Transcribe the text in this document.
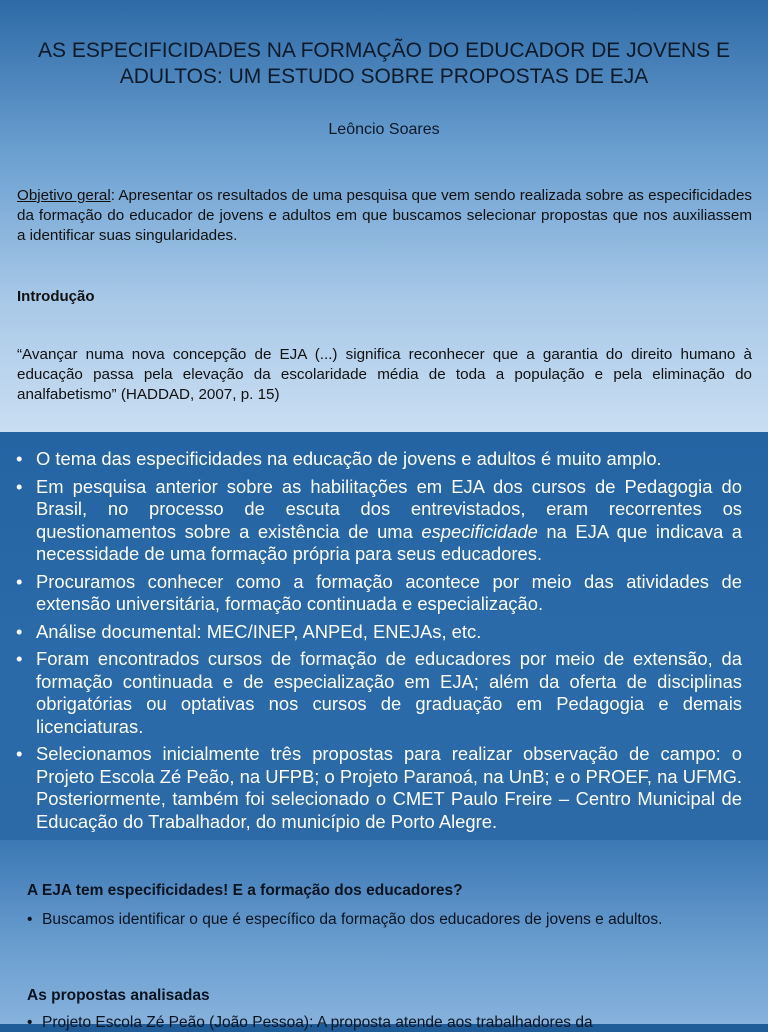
AS ESPECIFICIDADES NA FORMAÇÃO DO EDUCADOR DE JOVENS E ADULTOS: UM ESTUDO SOBRE PROPOSTAS DE EJA
Leôncio Soares
Objetivo geral: Apresentar os resultados de uma pesquisa que vem sendo realizada sobre as especificidades da formação do educador de jovens e adultos em que buscamos selecionar propostas que nos auxiliassem a identificar suas singularidades.
Introdução
“Avançar numa nova concepção de EJA (...) significa reconhecer que a garantia do direito humano à educação passa pela elevação da escolaridade média de toda a população e pela eliminação do analfabetismo” (HADDAD, 2007, p. 15)
• O tema das especificidades na educação de jovens e adultos é muito amplo.
• Em pesquisa anterior sobre as habilitações em EJA dos cursos de Pedagogia do Brasil, no processo de escuta dos entrevistados, eram recorrentes os questionamentos sobre a existência de uma especificidade na EJA que indicava a necessidade de uma formação própria para seus educadores.
• Procuramos conhecer como a formação acontece por meio das atividades de extensão universitária, formação continuada e especialização.
• Análise documental: MEC/INEP, ANPEd, ENEJAs, etc.
• Foram encontrados cursos de formação de educadores por meio de extensão, da formação continuada e de especialização em EJA; além da oferta de disciplinas obrigatórias ou optativas nos cursos de graduação em Pedagogia e demais licenciaturas.
• Selecionamos inicialmente três propostas para realizar observação de campo: o Projeto Escola Zé Peão, na UFPB; o Projeto Paranoá, na UnB; e o PROEF, na UFMG. Posteriormente, também foi selecionado o CMET Paulo Freire – Centro Municipal de Educação do Trabalhador, do município de Porto Alegre.
A EJA tem especificidades! E a formação dos educadores?
• Buscamos identificar o que é específico da formação dos educadores de jovens e adultos.
As propostas analisadas
• Projeto Escola Zé Peão (João Pessoa): A proposta atende aos trabalhadores da
